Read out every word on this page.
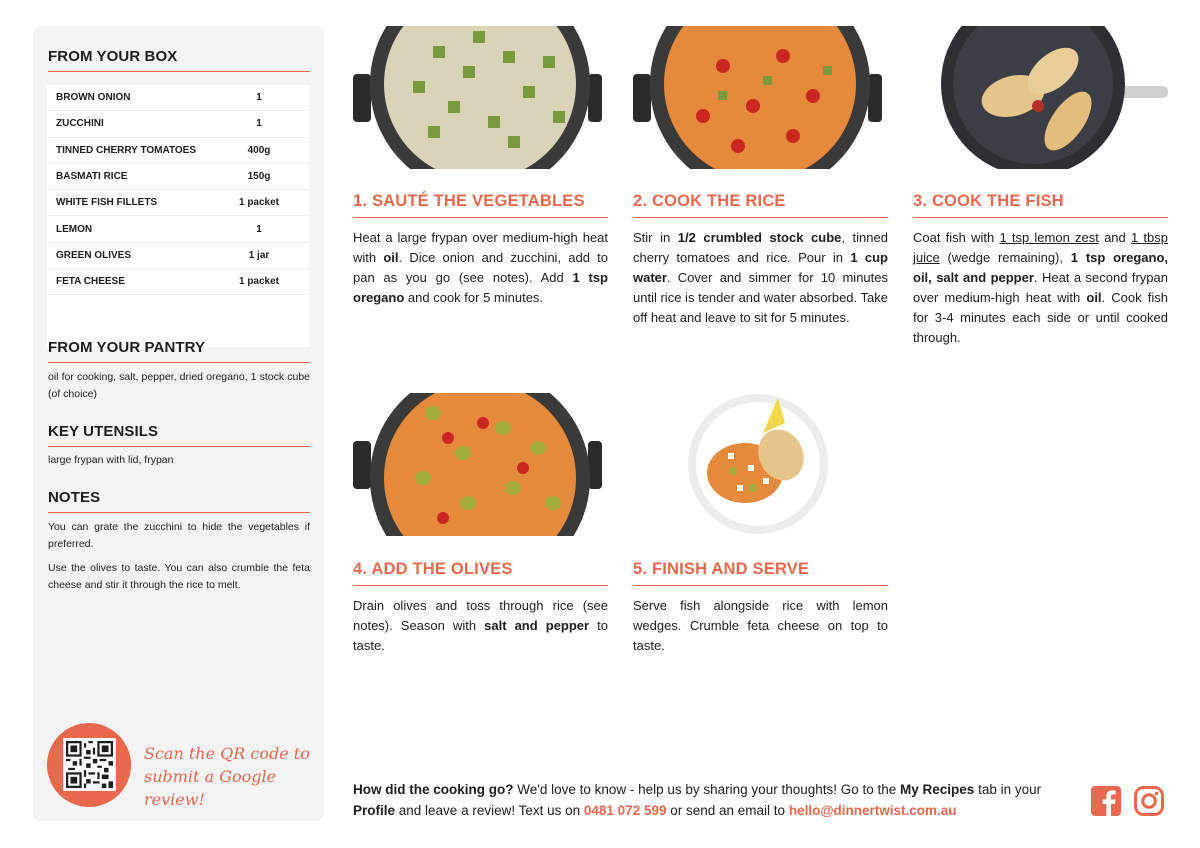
FROM YOUR BOX
BROWN ONION	1
ZUCCHINI	1
TINNED CHERRY TOMATOES	400g
BASMATI RICE	150g
WHITE FISH FILLETS	1 packet
LEMON	1
GREEN OLIVES	1 jar
FETA CHEESE	1 packet
FROM YOUR PANTRY
oil for cooking, salt, pepper, dried oregano, 1 stock cube (of choice)
KEY UTENSILS
large frypan with lid, frypan
NOTES
You can grate the zucchini to hide the vegetables if preferred.
Use the olives to taste. You can also crumble the feta cheese and stir it through the rice to melt.
Scan the QR code to
submit a Google review!
1. SAUTÉ THE VEGETABLES
Heat a large frypan over medium-high heat with oil. Dice onion and zucchini, add to pan as you go (see notes). Add 1 tsp oregano and cook for 5 minutes.
2. COOK THE RICE
Stir in 1/2 crumbled stock cube, tinned cherry tomatoes and rice. Pour in 1 cup water. Cover and simmer for 10 minutes until rice is tender and water absorbed. Take off heat and leave to sit for 5 minutes.
3. COOK THE FISH
Coat fish with 1 tsp lemon zest and 1 tbsp juice (wedge remaining), 1 tsp oregano, oil, salt and pepper. Heat a second frypan over medium-high heat with oil. Cook fish for 3-4 minutes each side or until cooked through.
4. ADD THE OLIVES
Drain olives and toss through rice (see notes). Season with salt and pepper to taste.
5. FINISH AND SERVE
Serve fish alongside rice with lemon wedges. Crumble feta cheese on top to taste.
How did the cooking go? We'd love to know - help us by sharing your thoughts! Go to the My Recipes tab in your Profile and leave a review! Text us on 0481 072 599 or send an email to hello@dinnertwist.com.au
